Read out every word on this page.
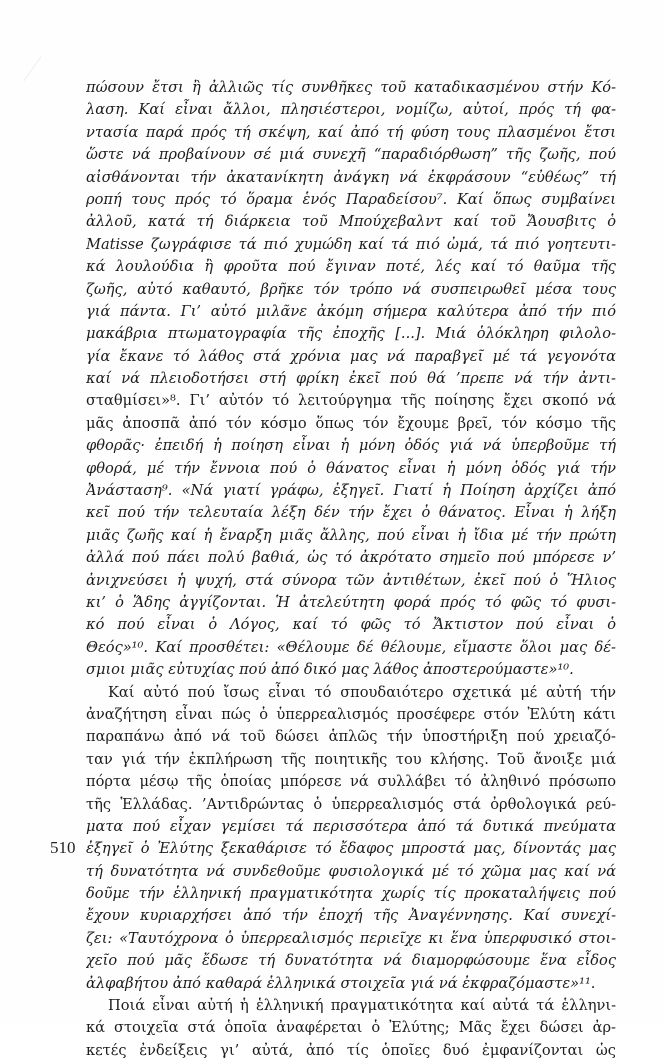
πώσουν ἔτσι ἢ ἀλλιῶς τίς συνθῆκες τοῦ καταδικασμένου στήν Κό-
λαση. Καί εἶναι ἄλλοι, πλησιέστεροι, νομίζω, αὐτοί, πρός τή φα-
ντασία παρά πρός τή σκέψη, καί ἀπό τή φύση τους πλασμένοι ἔτσι
ὥστε νά προβαίνουν σέ μιά συνεχῆ “παραδιόρθωση” τῆς ζωῆς, πού
αἰσθάνονται τήν ἀκατανίκητη ἀνάγκη νά ἐκφράσουν “εὐθέως” τή
ροπή τους πρός τό ὅραμα ἑνός Παραδείσου⁷. Καί ὅπως συμβαίνει
ἀλλοῦ, κατά τή διάρκεια τοῦ Μπούχεβαλντ καί τοῦ Ἄουσβιτς ὁ
Matisse ζωγράφισε τά πιό χυμώδη καί τά πιό ὠμά, τά πιό γοητευτι-
κά λουλούδια ἢ φροῦτα πού ἔγιναν ποτέ, λές καί τό θαῦμα τῆς
ζωῆς, αὐτό καθαυτό, βρῆκε τόν τρόπο νά συσπειρωθεῖ μέσα τους
γιά πάντα. Γι’ αὐτό μιλᾶνε ἀκόμη σήμερα καλύτερα ἀπό τήν πιό
μακάβρια πτωματογραφία τῆς ἐποχῆς [...]. Μιά ὁλόκληρη φιλολο-
γία ἔκανε τό λάθος στά χρόνια μας νά παραβγεῖ μέ τά γεγονότα
καί νά πλειοδοτήσει στή φρίκη ἐκεῖ πού θά ’πρεπε νά τήν ἀντι-
σταθμίσει»⁸. Γι’ αὐτόν τό λειτούργημα τῆς ποίησης ἔχει σκοπό νά
μᾶς ἀποσπᾶ ἀπό τόν κόσμο ὅπως τόν ἔχουμε βρεῖ, τόν κόσμο τῆς
φθορᾶς· ἐπειδή ἡ ποίηση εἶναι ἡ μόνη ὁδός γιά νά ὑπερβοῦμε τή
φθορά, μέ τήν ἔννοια πού ὁ θάνατος εἶναι ἡ μόνη ὁδός γιά τήν
Ἀνάσταση⁹. «Νά γιατί γράφω, ἐξηγεῖ. Γιατί ἡ Ποίηση ἀρχίζει ἀπό
κεῖ πού τήν τελευταία λέξη δέν τήν ἔχει ὁ θάνατος. Εἶναι ἡ λήξη
μιᾶς ζωῆς καί ἡ ἔναρξη μιᾶς ἄλλης, πού εἶναι ἡ ἴδια μέ τήν πρώτη
ἀλλά πού πάει πολύ βαθιά, ὡς τό ἀκρότατο σημεῖο πού μπόρεσε ν’
ἀνιχνεύσει ἡ ψυχή, στά σύνορα τῶν ἀντιθέτων, ἐκεῖ πού ὁ Ἥλιος
κι’ ὁ Ἅδης ἀγγίζονται. Ἡ ἀτελεύτητη φορά πρός τό φῶς τό φυσι-
κό πού εἶναι ὁ Λόγος, καί τό φῶς τό Ἄκτιστον πού εἶναι ὁ
Θεός»¹⁰. Καί προσθέτει: «Θέλουμε δέ θέλουμε, εἴμαστε ὅλοι μας δέ-
σμιοι μιᾶς εὐτυχίας πού ἀπό δικό μας λάθος ἀποστερούμαστε»¹⁰.
Καί αὐτό πού ἴσως εἶναι τό σπουδαιότερο σχετικά μέ αὐτή τήν
ἀναζήτηση εἶναι πώς ὁ ὑπερρεαλισμός προσέφερε στόν Ἐλύτη κάτι
παραπάνω ἀπό νά τοῦ δώσει ἁπλῶς τήν ὑποστήριξη πού χρειαζό-
ταν γιά τήν ἐκπλήρωση τῆς ποιητικῆς του κλήσης. Τοῦ ἄνοιξε μιά
πόρτα μέσῳ τῆς ὁποίας μπόρεσε νά συλλάβει τό ἀληθινό πρόσωπο
τῆς Ἑλλάδας. ’Αντιδρώντας ὁ ὑπερρεαλισμός στά ὀρθολογικά ρεύ-
ματα πού εἶχαν γεμίσει τά περισσότερα ἀπό τά δυτικά πνεύματα
ἐξηγεῖ ὁ Ἐλύτης ξεκαθάρισε τό ἔδαφος μπροστά μας, δίνοντάς μας
τή δυνατότητα νά συνδεθοῦμε φυσιολογικά μέ τό χῶμα μας καί νά
δοῦμε τήν ἑλληνική πραγματικότητα χωρίς τίς προκαταλήψεις πού
ἔχουν κυριαρχήσει ἀπό τήν ἐποχή τῆς Ἀναγέννησης. Καί συνεχί-
ζει: «Ταυτόχρονα ὁ ὑπερρεαλισμός περιεῖχε κι ἕνα ὑπερφυσικό στοι-
χεῖο πού μᾶς ἔδωσε τή δυνατότητα νά διαμορφώσουμε ἕνα εἶδος
ἀλφαβήτου ἀπό καθαρά ἑλληνικά στοιχεῖα γιά νά ἐκφραζόμαστε»¹¹.
Ποιά εἶναι αὐτή ἡ ἑλληνική πραγματικότητα καί αὐτά τά ἑλληνι-
κά στοιχεῖα στά ὁποῖα ἀναφέρεται ὁ Ἐλύτης; Μᾶς ἔχει δώσει ἀρ-
κετές ἐνδείξεις γι’ αὐτά, ἀπό τίς ὁποῖες δυό ἐμφανίζονται ὡς
510
